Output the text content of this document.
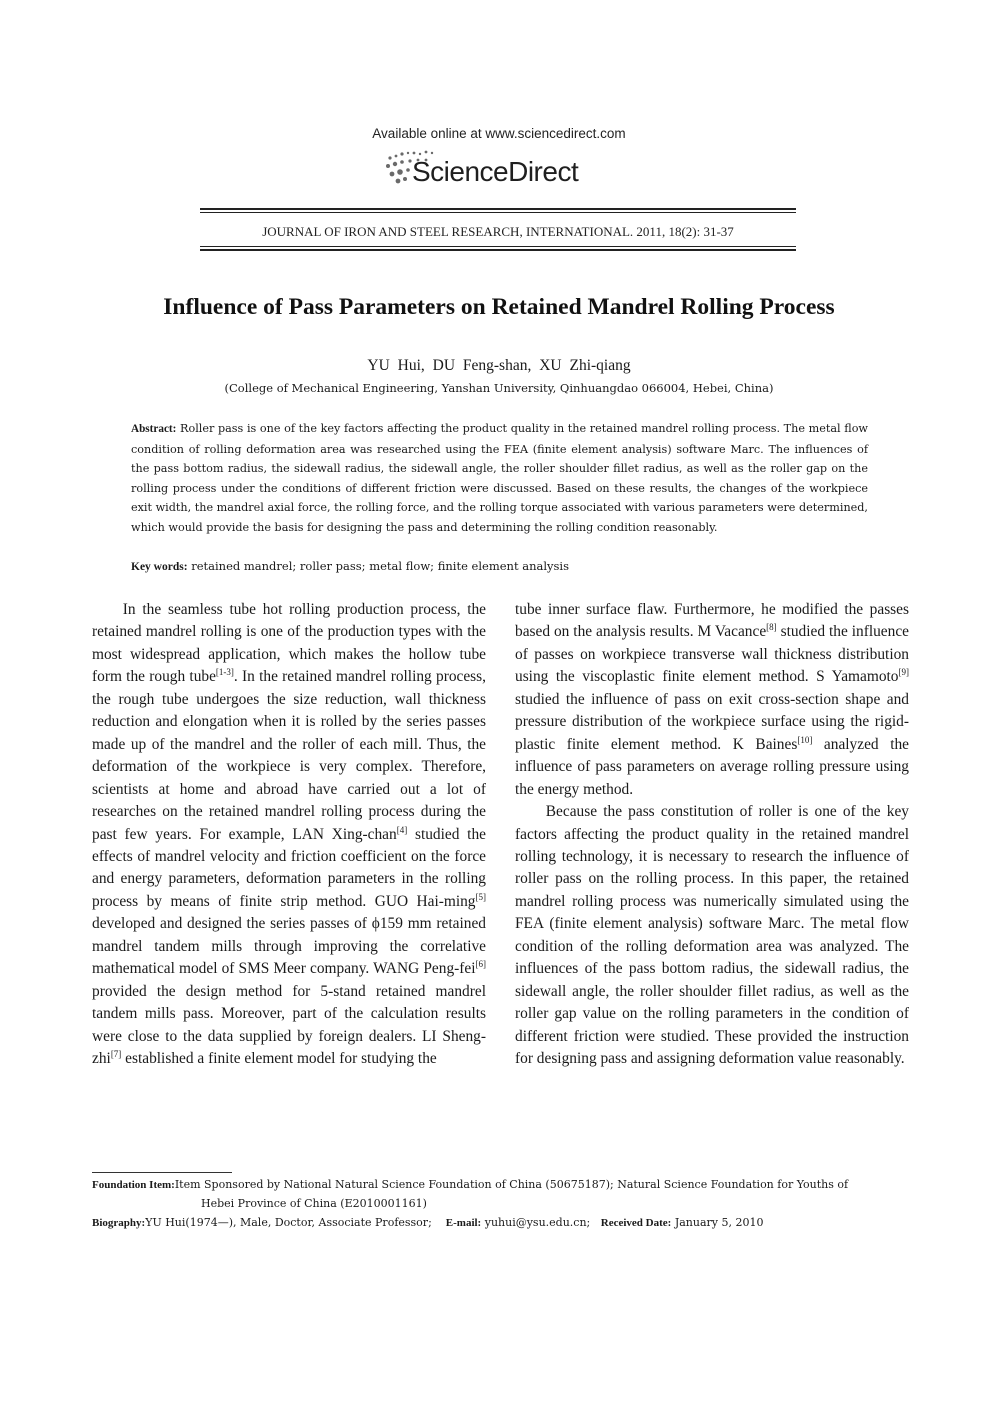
Available online at www.sciencedirect.com
ScienceDirect
JOURNAL OF IRON AND STEEL RESEARCH, INTERNATIONAL. 2011, 18(2): 31-37
Influence of Pass Parameters on Retained Mandrel Rolling Process
YU Hui, DU Feng-shan, XU Zhi-qiang
(College of Mechanical Engineering, Yanshan University, Qinhuangdao 066004, Hebei, China)
Abstract: Roller pass is one of the key factors affecting the product quality in the retained mandrel rolling process. The metal flow condition of rolling deformation area was researched using the FEA (finite element analysis) software Marc. The influences of the pass bottom radius, the sidewall radius, the sidewall angle, the roller shoulder fillet radius, as well as the roller gap on the rolling process under the conditions of different friction were discussed. Based on these results, the changes of the workpiece exit width, the mandrel axial force, the rolling force, and the rolling torque associated with various parameters were determined, which would provide the basis for designing the pass and determining the rolling condition reasonably.
Key words: retained mandrel; roller pass; metal flow; finite element analysis

In the seamless tube hot rolling production process, the retained mandrel rolling is one of the production types with the most widespread application, which makes the hollow tube form the rough tube[1-3]. In the retained mandrel rolling process, the rough tube undergoes the size reduction, wall thickness reduction and elongation when it is rolled by the series passes made up of the mandrel and the roller of each mill. Thus, the deformation of the workpiece is very complex. Therefore, scientists at home and abroad have carried out a lot of researches on the retained mandrel rolling process during the past few years. For example, LAN Xing-chan[4] studied the effects of mandrel velocity and friction coefficient on the force and energy parameters, deformation parameters in the rolling process by means of finite strip method. GUO Hai-ming[5] developed and designed the series passes of ϕ159 mm retained mandrel tandem mills through improving the correlative mathematical model of SMS Meer company. WANG Peng-fei[6] provided the design method for 5-stand retained mandrel tandem mills pass. Moreover, part of the calculation results were close to the data supplied by foreign dealers. LI Sheng-zhi[7] established a finite element model for studying the

tube inner surface flaw. Furthermore, he modified the passes based on the analysis results. M Vacance[8] studied the influence of passes on workpiece transverse wall thickness distribution using the viscoplastic finite element method. S Yamamoto[9] studied the influence of pass on exit cross-section shape and pressure distribution of the workpiece surface using the rigid-plastic finite element method. K Baines[10] analyzed the influence of pass parameters on average rolling pressure using the energy method.

Because the pass constitution of roller is one of the key factors affecting the product quality in the retained mandrel rolling technology, it is necessary to research the influence of roller pass on the rolling process. In this paper, the retained mandrel rolling process was numerically simulated using the FEA (finite element analysis) software Marc. The metal flow condition of the rolling deformation area was analyzed. The influences of the pass bottom radius, the sidewall radius, the sidewall angle, the roller shoulder fillet radius, as well as the roller gap value on the rolling parameters in the condition of different friction were studied. These provided the instruction for designing pass and assigning deformation value reasonably.

Foundation Item:Item Sponsored by National Natural Science Foundation of China (50675187); Natural Science Foundation for Youths of
Hebei Province of China (E2010001161)
Biography:YU Hui(1974—), Male, Doctor, Associate Professor; E-mail: yuhui@ysu.edu.cn; Received Date: January 5, 2010
